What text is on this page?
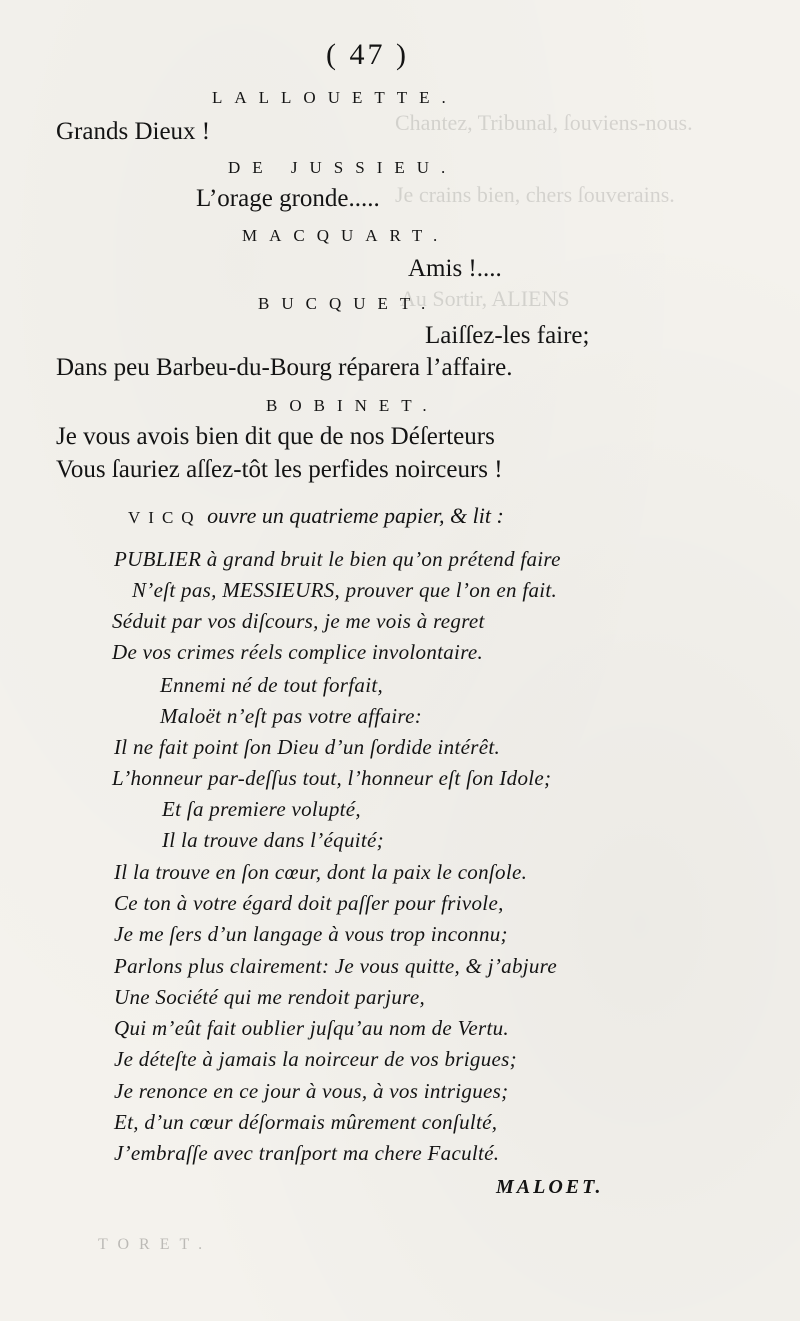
Chantez, Tribunal, ſouviens-nous.
Je crains bien, chers ſouverains.
Au Sortir, ALIENS
( 47 )
LALLOUETTE.
Grands Dieux !
DE JUSSIEU.
L’orage gronde.....
MACQUART.
Amis !....
BUCQUET.
Laiſſez-les faire;
Dans peu Barbeu-du-Bourg réparera l’affaire.
BOBINET.
Je vous avois bien dit que de nos Déſerteurs
Vous ſauriez aſſez-tôt les perfides noirceurs !
VICQ ouvre un quatrieme papier, & lit :
PUBLIER à grand bruit le bien qu’on prétend faire
N’eſt pas, MESSIEURS, prouver que l’on en fait.
Séduit par vos diſcours, je me vois à regret
De vos crimes réels complice involontaire.
Ennemi né de tout forfait,
Maloët n’eſt pas votre affaire:
Il ne fait point ſon Dieu d’un ſordide intérêt.
L’honneur par-deſſus tout, l’honneur eſt ſon Idole;
Et ſa premiere volupté,
Il la trouve dans l’équité;
Il la trouve en ſon cœur, dont la paix le conſole.
Ce ton à votre égard doit paſſer pour frivole,
Je me ſers d’un langage à vous trop inconnu;
Parlons plus clairement: Je vous quitte, & j’abjure
Une Société qui me rendoit parjure,
Qui m’eût fait oublier juſqu’au nom de Vertu.
Je déteſte à jamais la noirceur de vos brigues;
Je renonce en ce jour à vous, à vos intrigues;
Et, d’un cœur déſormais mûrement conſulté,
J’embraſſe avec tranſport ma chere Faculté.
MALOET.
TORET.
